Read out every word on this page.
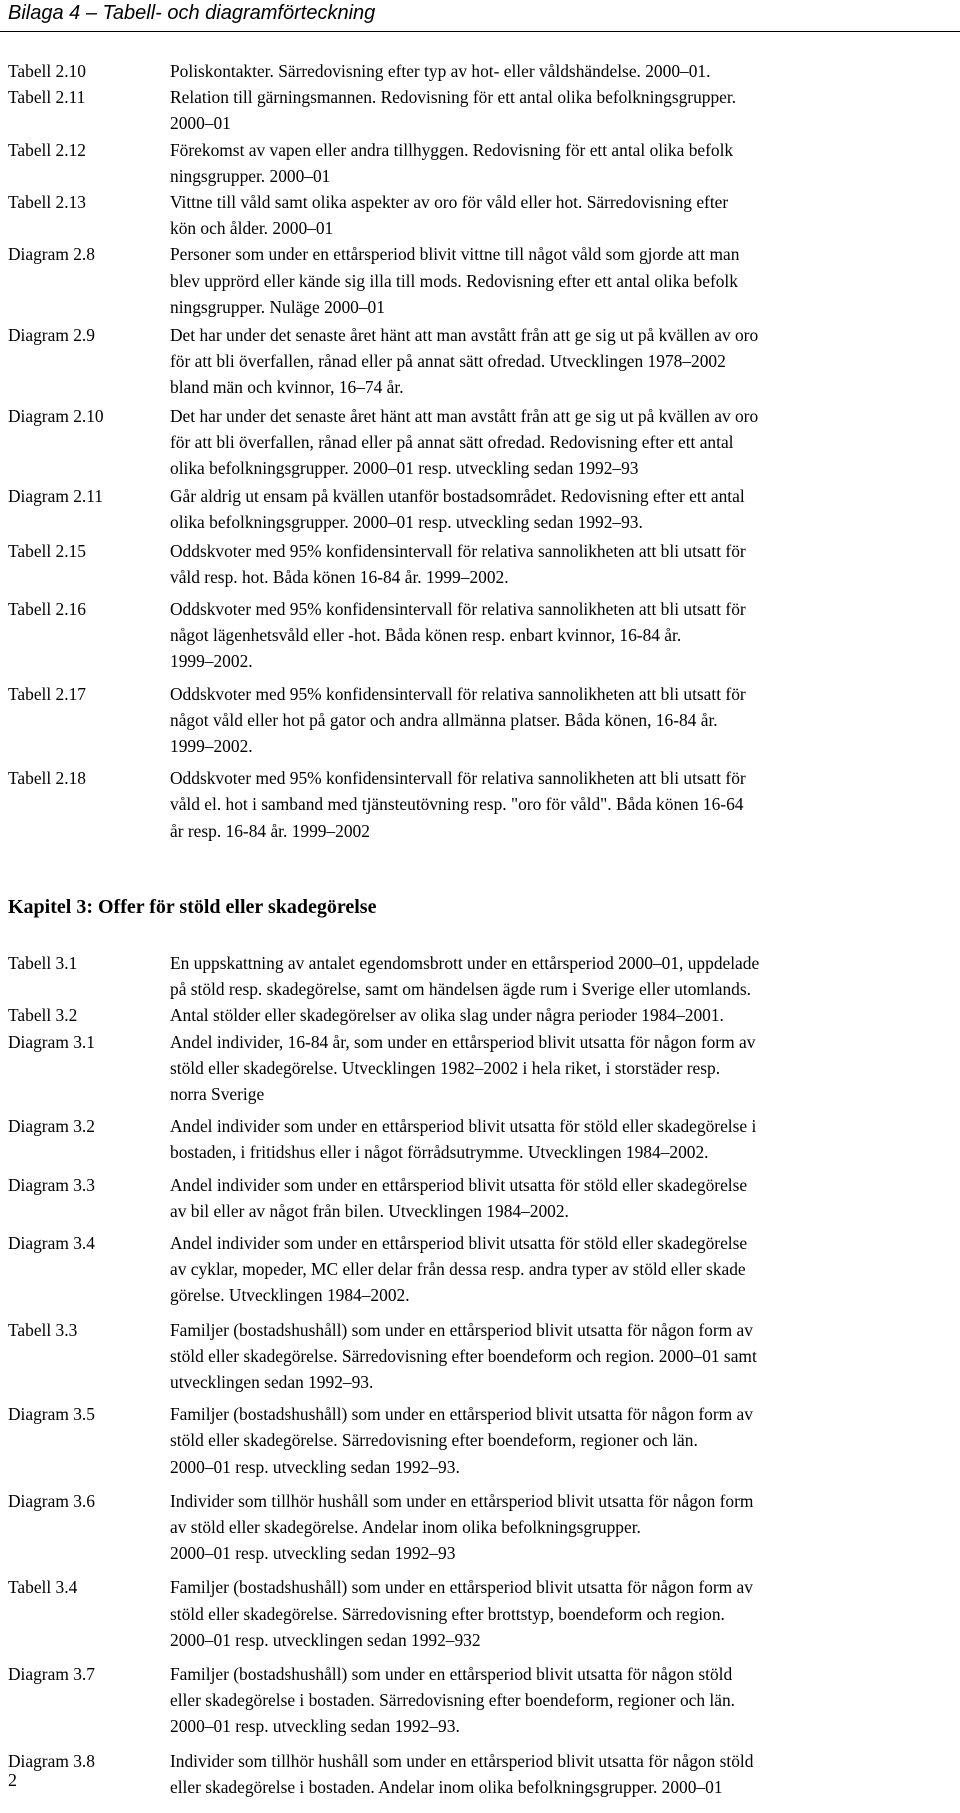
Bilaga 4 – Tabell- och diagramförteckning
Tabell 2.10	Poliskontakter. Särredovisning efter typ av hot- eller våldshändelse. 2000–01.
Tabell 2.11	Relation till gärningsmannen. Redovisning för ett antal olika befolkningsgrupper.
2000–01
Tabell 2.12	Förekomst av vapen eller andra tillhyggen. Redovisning för ett antal olika befolk
ningsgrupper. 2000–01
Tabell 2.13	Vittne till våld samt olika aspekter av oro för våld eller hot. Särredovisning efter
kön och ålder. 2000–01
Diagram 2.8	Personer som under en ettårsperiod blivit vittne till något våld som gjorde att man
blev upprörd eller kände sig illa till mods. Redovisning efter ett antal olika befolk
ningsgrupper. Nuläge 2000–01
Diagram 2.9	Det har under det senaste året hänt att man avstått från att ge sig ut på kvällen av oro
för att bli överfallen, rånad eller på annat sätt ofredad. Utvecklingen 1978–2002
bland män och kvinnor, 16–74 år.
Diagram 2.10	Det har under det senaste året hänt att man avstått från att ge sig ut på kvällen av oro
för att bli överfallen, rånad eller på annat sätt ofredad. Redovisning efter ett antal
olika befolkningsgrupper. 2000–01 resp. utveckling sedan 1992–93
Diagram 2.11	Går aldrig ut ensam på kvällen utanför bostadsområdet. Redovisning efter ett antal
olika befolkningsgrupper. 2000–01 resp. utveckling sedan 1992–93.
Tabell 2.15	Oddskvoter med 95% konfidensintervall för relativa sannolikheten att bli utsatt för
våld resp. hot. Båda könen 16-84 år. 1999–2002.
Tabell 2.16	Oddskvoter med 95% konfidensintervall för relativa sannolikheten att bli utsatt för
något lägenhetsvåld eller -hot. Båda könen resp. enbart kvinnor, 16-84 år.
1999–2002.
Tabell 2.17	Oddskvoter med 95% konfidensintervall för relativa sannolikheten att bli utsatt för
något våld eller hot på gator och andra allmänna platser. Båda könen, 16-84 år.
1999–2002.
Tabell 2.18	Oddskvoter med 95% konfidensintervall för relativa sannolikheten att bli utsatt för
våld el. hot i samband med tjänsteutövning resp. "oro för våld". Båda könen 16-64
år resp. 16-84 år. 1999–2002
Kapitel 3: Offer för stöld eller skadegörelse
Tabell 3.1	En uppskattning av antalet egendomsbrott under en ettårsperiod 2000–01, uppdelade
på stöld resp. skadegörelse, samt om händelsen ägde rum i Sverige eller utomlands.
Tabell 3.2	Antal stölder eller skadegörelser av olika slag under några perioder 1984–2001.
Diagram 3.1	Andel individer, 16-84 år, som under en ettårsperiod blivit utsatta för någon form av
stöld eller skadegörelse. Utvecklingen 1982–2002 i hela riket, i storstäder resp.
norra Sverige
Diagram 3.2	Andel individer som under en ettårsperiod blivit utsatta för stöld eller skadegörelse i
bostaden, i fritidshus eller i något förrådsutrymme. Utvecklingen 1984–2002.
Diagram 3.3	Andel individer som under en ettårsperiod blivit utsatta för stöld eller skadegörelse
av bil eller av något från bilen. Utvecklingen 1984–2002.
Diagram 3.4	Andel individer som under en ettårsperiod blivit utsatta för stöld eller skadegörelse
av cyklar, mopeder, MC eller delar från dessa resp. andra typer av stöld eller skade
görelse. Utvecklingen 1984–2002.
Tabell 3.3	Familjer (bostadshushåll) som under en ettårsperiod blivit utsatta för någon form av
stöld eller skadegörelse. Särredovisning efter boendeform och region. 2000–01 samt
utvecklingen sedan 1992–93.
Diagram 3.5	Familjer (bostadshushåll) som under en ettårsperiod blivit utsatta för någon form av
stöld eller skadegörelse. Särredovisning efter boendeform, regioner och län.
2000–01 resp. utveckling sedan 1992–93.
Diagram 3.6	Individer som tillhör hushåll som under en ettårsperiod blivit utsatta för någon form
av stöld eller skadegörelse. Andelar inom olika befolkningsgrupper.
2000–01 resp. utveckling sedan 1992–93
Tabell 3.4	Familjer (bostadshushåll) som under en ettårsperiod blivit utsatta för någon form av
stöld eller skadegörelse. Särredovisning efter brottstyp, boendeform och region.
2000–01 resp. utvecklingen sedan 1992–932
Diagram 3.7	Familjer (bostadshushåll) som under en ettårsperiod blivit utsatta för någon stöld
eller skadegörelse i bostaden. Särredovisning efter boendeform, regioner och län.
2000–01 resp. utveckling sedan 1992–93.
Diagram 3.8	Individer som tillhör hushåll som under en ettårsperiod blivit utsatta för någon stöld
eller skadegörelse i bostaden. Andelar inom olika befolkningsgrupper. 2000–01
2
